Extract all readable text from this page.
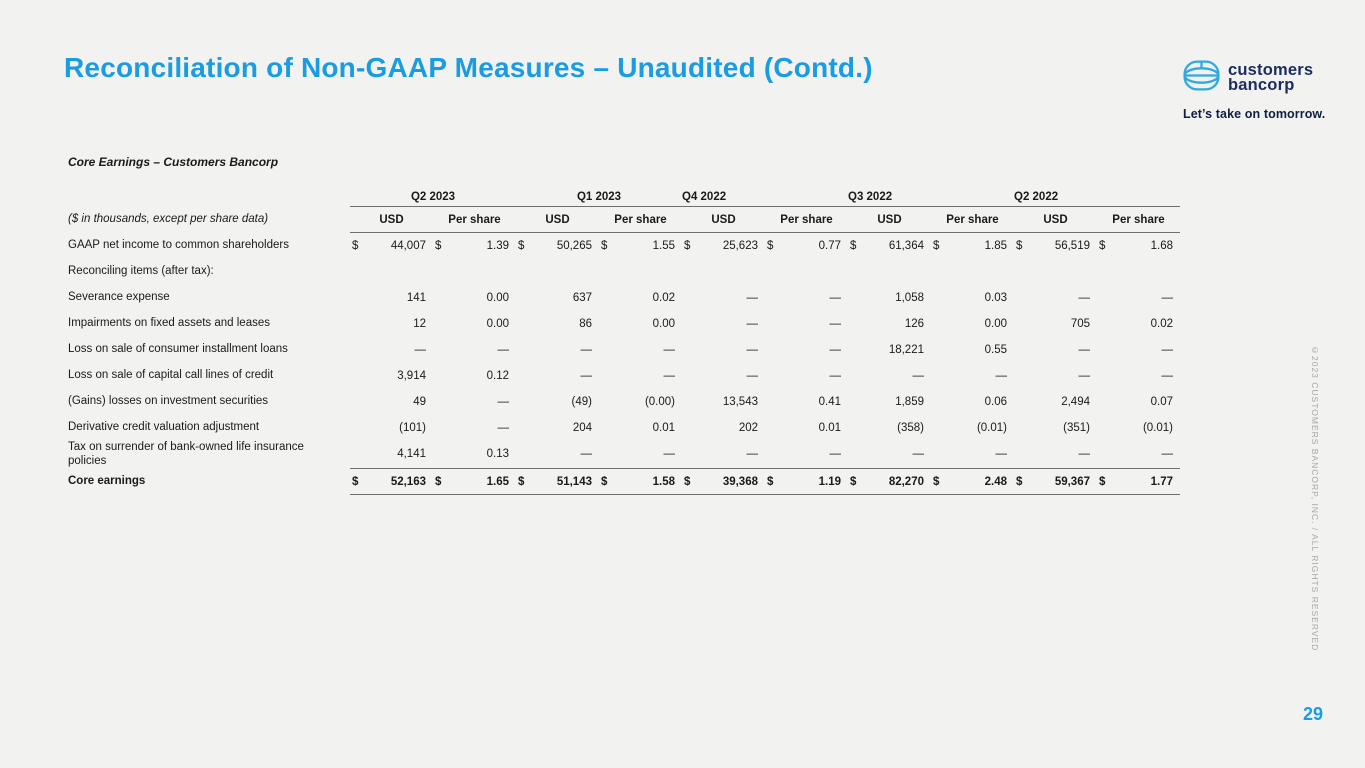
Reconciliation of Non-GAAP Measures – Unaudited (Contd.)	customers
bancorp
Let’s take on tomorrow.
Core Earnings – Customers Bancorp
Q2 2023	Q1 2023	Q4 2022	Q3 2022	Q2 2022
($ in thousands, except per share data)	USD	Per share	USD	Per share	USD	Per share	USD	Per share	USD	Per share
GAAP net income to common shareholders	$	44,007 $	1.39 $	50,265 $	1.55 $	25,623 $	0.77 $	61,364 $	1.85 $	56,519 $	1.68
Reconciling items (after tax):
Severance expense	141	0.00	637	0.02	—	—	1,058	0.03	—	—
Impairments on fixed assets and leases	12	0.00	86	0.00	—	—	126	0.00	705	0.02
Loss on sale of consumer installment loans	—	—	—	—	—	—	18,221	0.55	—	—
Loss on sale of capital call lines of credit	3,914	0.12	—	—	—	—	—	—	—	—
(Gains) losses on investment securities	49	—	(49)	(0.00)	13,543	0.41	1,859	0.06	2,494	0.07
Derivative credit valuation adjustment	(101)	—	204	0.01	202	0.01	(358)	(0.01)	(351)	(0.01)
Tax on surrender of bank-owned life insurance policies
4,141	0.13	—	—	—	—	—	—	—	—
Core earnings	$	52,163 $	1.65 $	51,143 $	1.58 $	39,368 $	1.19 $	82,270 $	2.48 $	59,367 $	1.77	©2023 CUSTOMERS BANCORP, INC. / ALL RIGHTS RESERVED
29
